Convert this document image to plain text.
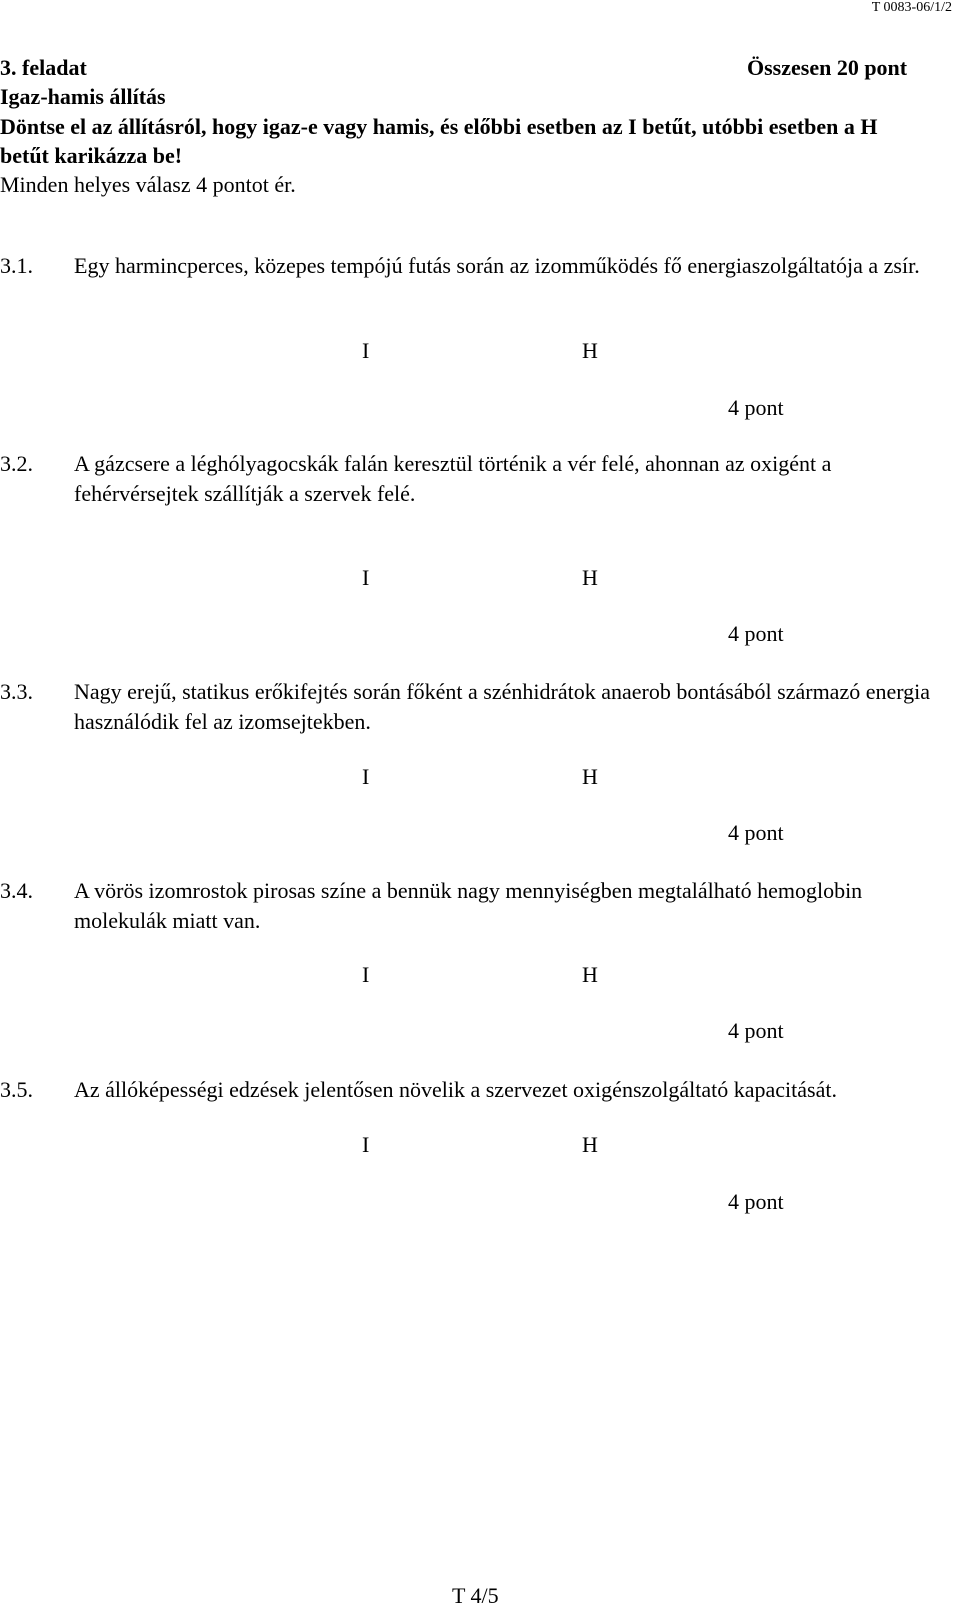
T 0083-06/1/2
3. feladat	Összesen 20 pont
Igaz-hamis állítás
Döntse el az állításról, hogy igaz-e vagy hamis, és előbbi esetben az I betűt, utóbbi esetben a H betűt karikázza be!
Minden helyes válasz 4 pontot ér.
3.1. Egy harmincperces, közepes tempójú futás során az izomműködés fő energiaszolgáltatója a zsír.
I	H
4 pont
3.2. A gázcsere a léghólyagocskák falán keresztül történik a vér felé, ahonnan az oxigént a fehérvérsejtek szállítják a szervek felé.
I	H
4 pont
3.3. Nagy erejű, statikus erőkifejtés során főként a szénhidrátok anaerob bontásából származó energia használódik fel az izomsejtekben.
I	H
4 pont
3.4. A vörös izomrostok pirosas színe a bennük nagy mennyiségben megtalálható hemoglobin molekulák miatt van.
I	H
4 pont
3.5. Az állóképességi edzések jelentősen növelik a szervezet oxigénszolgáltató kapacitását.
I	H
4 pont
T 4/5
